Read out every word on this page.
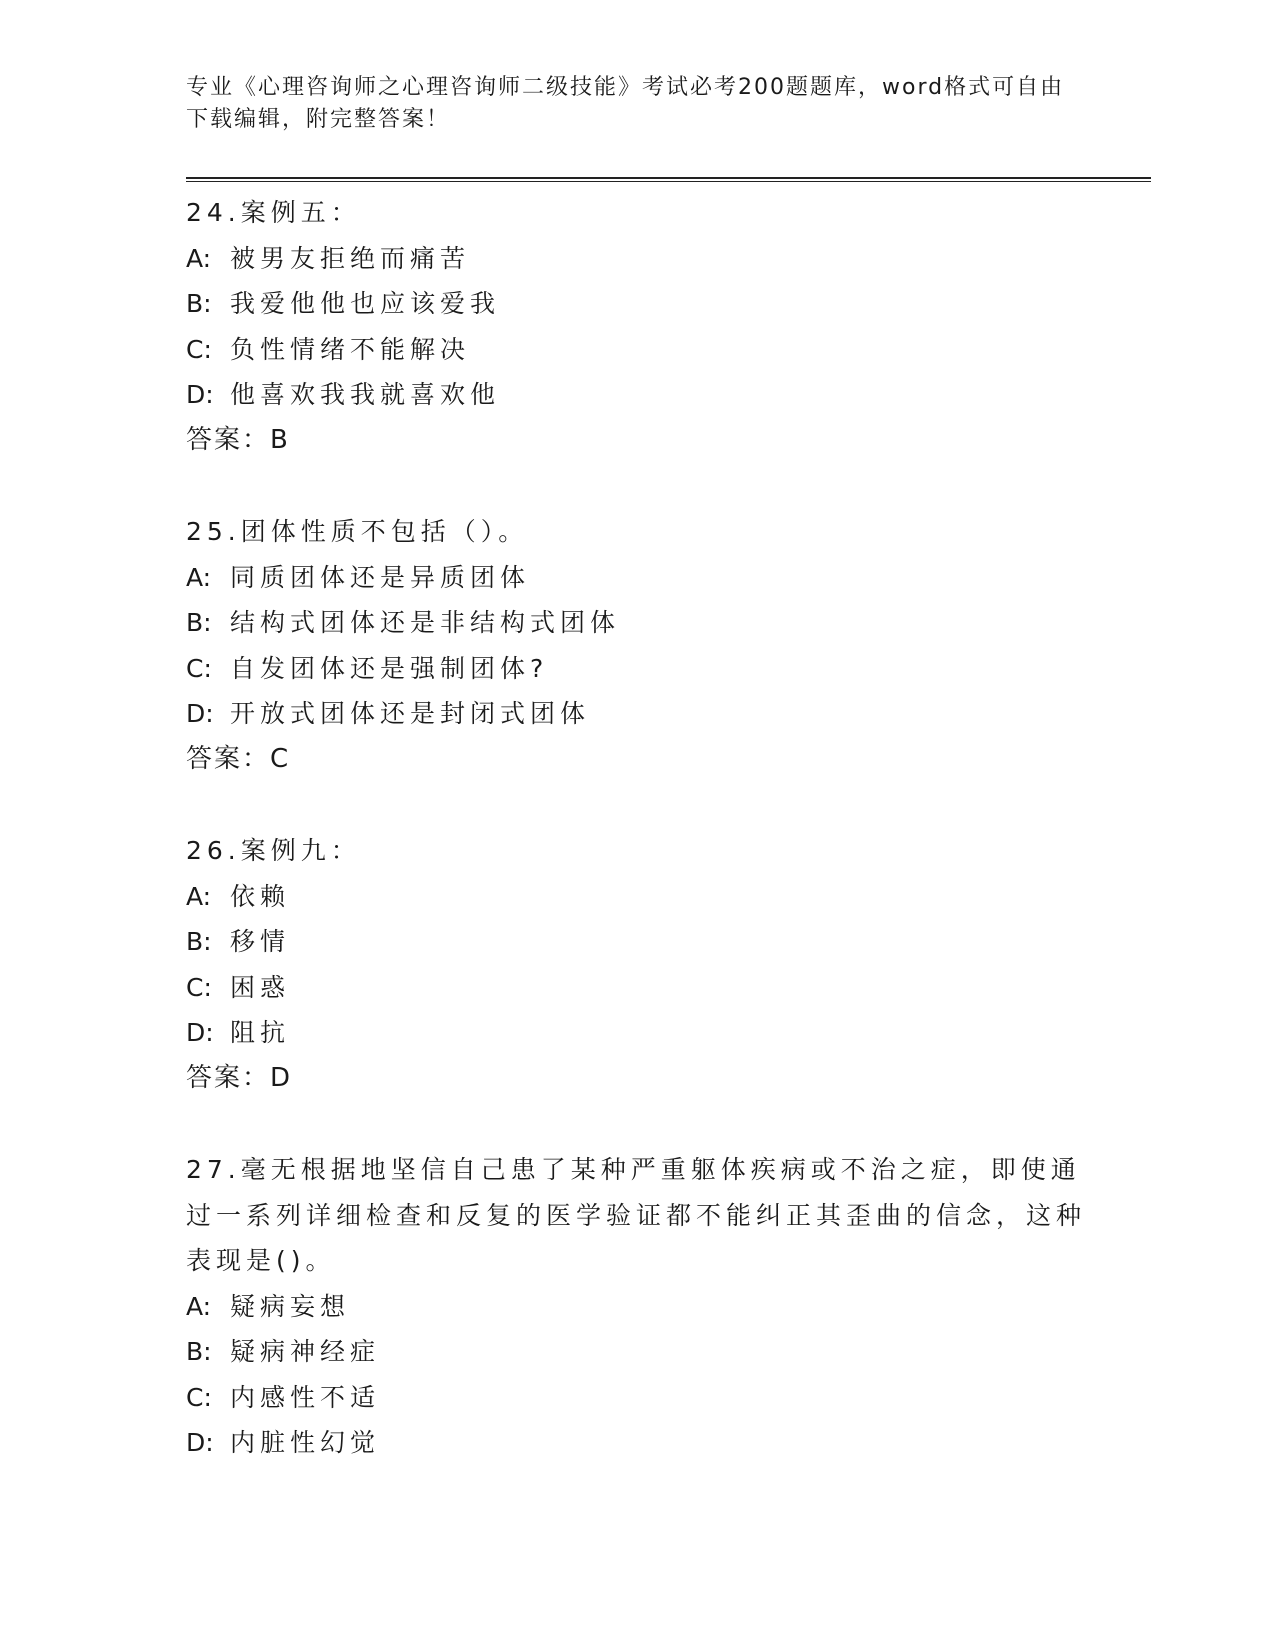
专业《心理咨询师之心理咨询师二级技能》考试必考200题题库，word格式可自由下载编辑，附完整答案！
24.案例五：
A: 被男友拒绝而痛苦
B: 我爱他他也应该爱我
C: 负性情绪不能解决
D: 他喜欢我我就喜欢他
答案：B
25.团体性质不包括（）。
A: 同质团体还是异质团体
B: 结构式团体还是非结构式团体
C: 自发团体还是强制团体?
D: 开放式团体还是封闭式团体
答案：C
26.案例九：
A: 依赖
B: 移情
C: 困惑
D: 阻抗
答案：D
27.毫无根据地坚信自己患了某种严重躯体疾病或不治之症，即使通过一系列详细检查和反复的医学验证都不能纠正其歪曲的信念，这种表现是()。
A: 疑病妄想
B: 疑病神经症
C: 内感性不适
D: 内脏性幻觉
